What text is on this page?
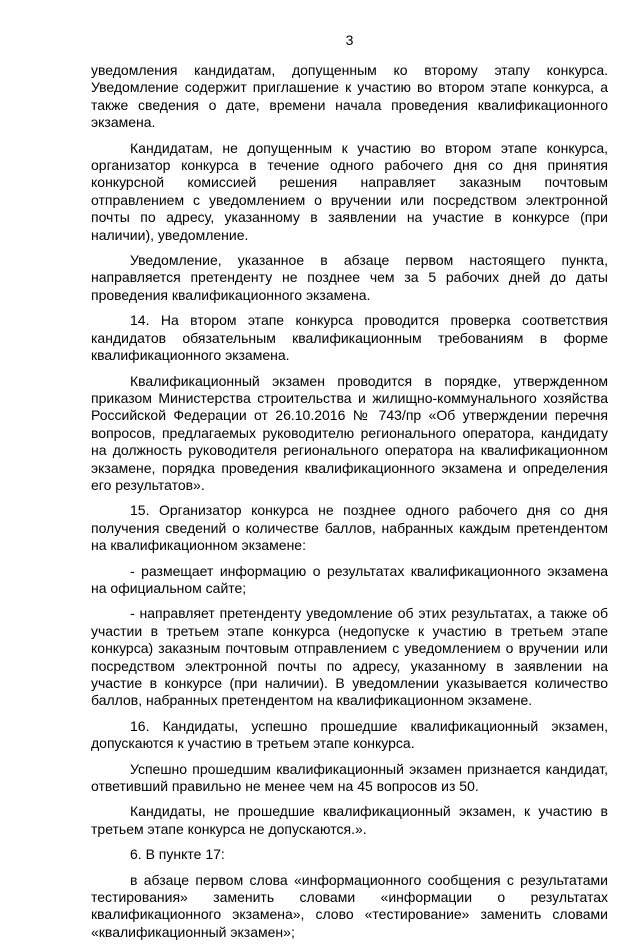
3

уведомления кандидатам, допущенным ко второму этапу конкурса. Уведомление содержит приглашение к участию во втором этапе конкурса, а также сведения о дате, времени начала проведения квалификационного экзамена.

Кандидатам, не допущенным к участию во втором этапе конкурса, организатор конкурса в течение одного рабочего дня со дня принятия конкурсной комиссией решения направляет заказным почтовым отправлением с уведомлением о вручении или посредством электронной почты по адресу, указанному в заявлении на участие в конкурсе (при наличии), уведомление.

Уведомление, указанное в абзаце первом настоящего пункта, направляется претенденту не позднее чем за 5 рабочих дней до даты проведения квалификационного экзамена.

14. На втором этапе конкурса проводится проверка соответствия кандидатов обязательным квалификационным требованиям в форме квалификационного экзамена.

Квалификационный экзамен проводится в порядке, утвержденном приказом Министерства строительства и жилищно-коммунального хозяйства Российской Федерации от 26.10.2016 № 743/пр «Об утверждении перечня вопросов, предлагаемых руководителю регионального оператора, кандидату на должность руководителя регионального оператора на квалификационном экзамене, порядка проведения квалификационного экзамена и определения его результатов».

15. Организатор конкурса не позднее одного рабочего дня со дня получения сведений о количестве баллов, набранных каждым претендентом на квалификационном экзамене:

- размещает информацию о результатах квалификационного экзамена на официальном сайте;

- направляет претенденту уведомление об этих результатах, а также об участии в третьем этапе конкурса (недопуске к участию в третьем этапе конкурса) заказным почтовым отправлением с уведомлением о вручении или посредством электронной почты по адресу, указанному в заявлении на участие в конкурсе (при наличии). В уведомлении указывается количество баллов, набранных претендентом на квалификационном экзамене.

16. Кандидаты, успешно прошедшие квалификационный экзамен, допускаются к участию в третьем этапе конкурса.

Успешно прошедшим квалификационный экзамен признается кандидат, ответивший правильно не менее чем на 45 вопросов из 50.

Кандидаты, не прошедшие квалификационный экзамен, к участию в третьем этапе конкурса не допускаются.».

6. В пункте 17:

в абзаце первом слова «информационного сообщения с результатами тестирования» заменить словами «информации о результатах квалификационного экзамена», слово «тестирование» заменить словами «квалификационный экзамен»;
